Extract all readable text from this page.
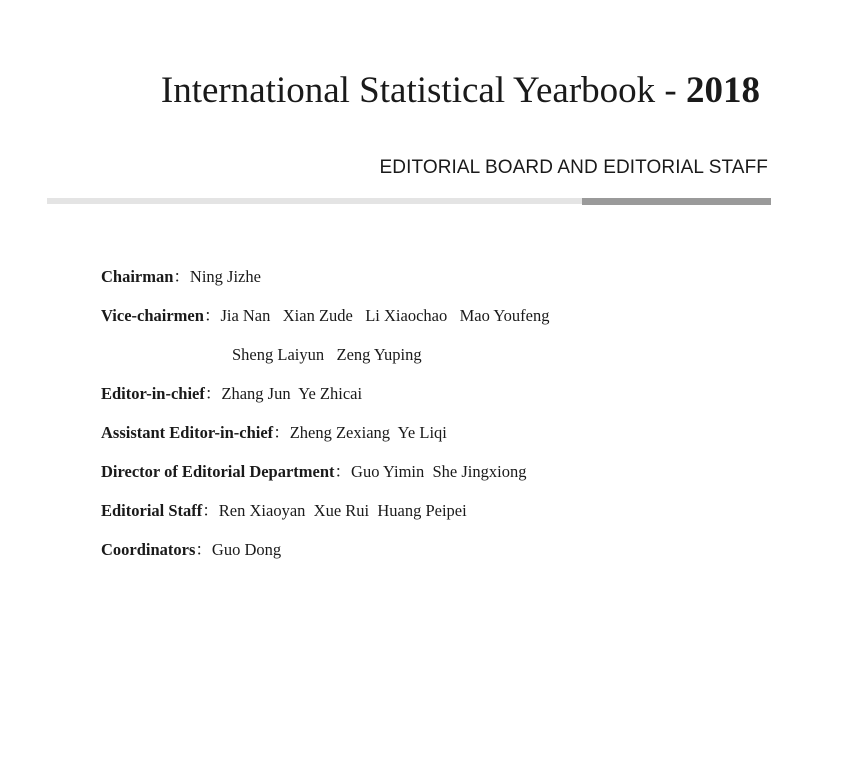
International Statistical Yearbook - 2018
EDITORIAL BOARD AND EDITORIAL STAFF
Chairman：Ning Jizhe
Vice-chairmen：Jia Nan   Xian Zude   Li Xiaochao   Mao Youfeng
Sheng Laiyun   Zeng Yuping
Editor-in-chief：Zhang Jun  Ye Zhicai
Assistant Editor-in-chief：Zheng Zexiang  Ye Liqi
Director of Editorial Department：Guo Yimin  She Jingxiong
Editorial Staff：Ren Xiaoyan  Xue Rui  Huang Peipei
Coordinators：Guo Dong
